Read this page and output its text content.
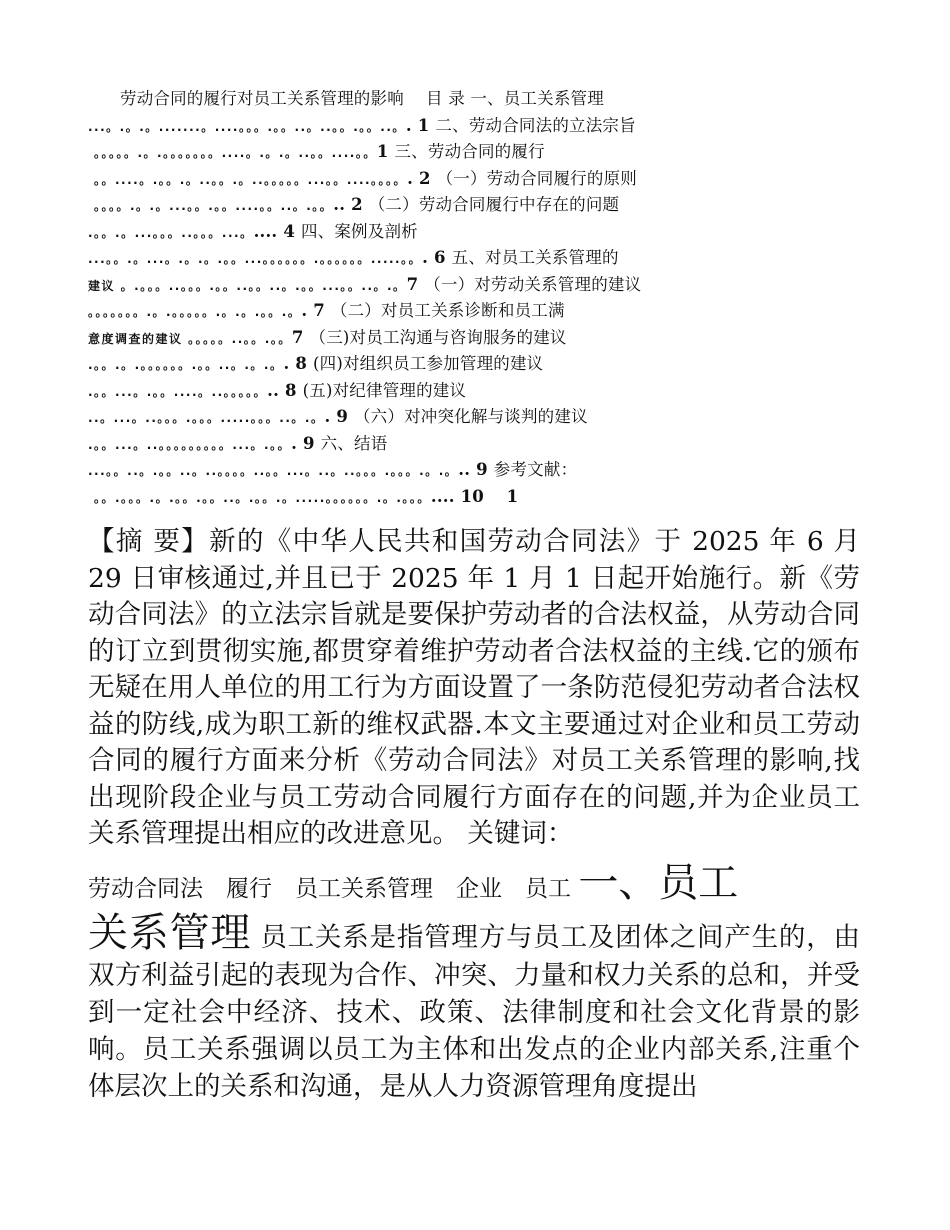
劳动合同的履行对员工关系管理的影响　 目 录 一、员工关系管理
...。.。.。.......。....。。。.。。..。..。。.。。..。. 1 二、劳动合同法的立法宗旨
。。。。。.。.。。。。。。。....。.。.。..。。....。。1 三、劳动合同的履行
。。....。.。。.。..。。.。..。。。。。...。。....。。。。. 2 （一）劳动合同履行的原则
。。。。.。.。...。。.。。....。。..。.。。.. 2 （二）劳动合同履行中存在的问题
.。。.。...。。。..。。。...。.... 4 四、案例及剖析
...。。.。...。.。.。.。。...。。。。。。.。。。。。。.....。。. 6 五、对员工关系管理的
建议 。.。。。..。。。.。。..。。..。.。。...。。..。.。7 （一）对劳动关系管理的建议
。。。。。。。.。.。。。。。.。.。.。。.。. 7 （二）对员工关系诊断和员工满
意度调查的建议 。。。。。..。。.。。7 （三)对员工沟通与咨询服务的建议
.。。.。.。。。。。。.。。..。.。.。. 8 (四)对组织员工参加管理的建议
.。。...。.。。....。..。。。。。.. 8 (五)对纪律管理的建议
..。...。..。。。.。。。.....。。。..。.。. 9 （六）对冲突化解与谈判的建议
.。。...。..。。。。。。。。。...。.。。. 9 六、结语
...。。..。.。。..。..。。。。..。。...。..。..。。。.。。。.。.。.. 9 参考文献：
。。.。。。.。.。。.。。..。.。。.。.....。。。。。。.。.。。。.... 10　 1

【摘 要】新的《中华人民共和国劳动合同法》于 2025 年 6 月 29 日审核通过,并且已于 2025 年 1 月 1 日起开始施行。新《劳动合同法》的立法宗旨就是要保护劳动者的合法权益，从劳动合同的订立到贯彻实施,都贯穿着维护劳动者合法权益的主线.它的颁布无疑在用人单位的用工行为方面设置了一条防范侵犯劳动者合法权益的防线,成为职工新的维权武器.本文主要通过对企业和员工劳动合同的履行方面来分析《劳动合同法》对员工关系管理的影响,找出现阶段企业与员工劳动合同履行方面存在的问题,并为企业员工关系管理提出相应的改进意见。 关键词：

劳动合同法　履行　员工关系管理　企业　员工 一、员工
关系管理 员工关系是指管理方与员工及团体之间产生的，由双方利益引起的表现为合作、冲突、力量和权力关系的总和，并受到一定社会中经济、技术、政策、法律制度和社会文化背景的影响。员工关系强调以员工为主体和出发点的企业内部关系,注重个体层次上的关系和沟通，是从人力资源管理角度提出
